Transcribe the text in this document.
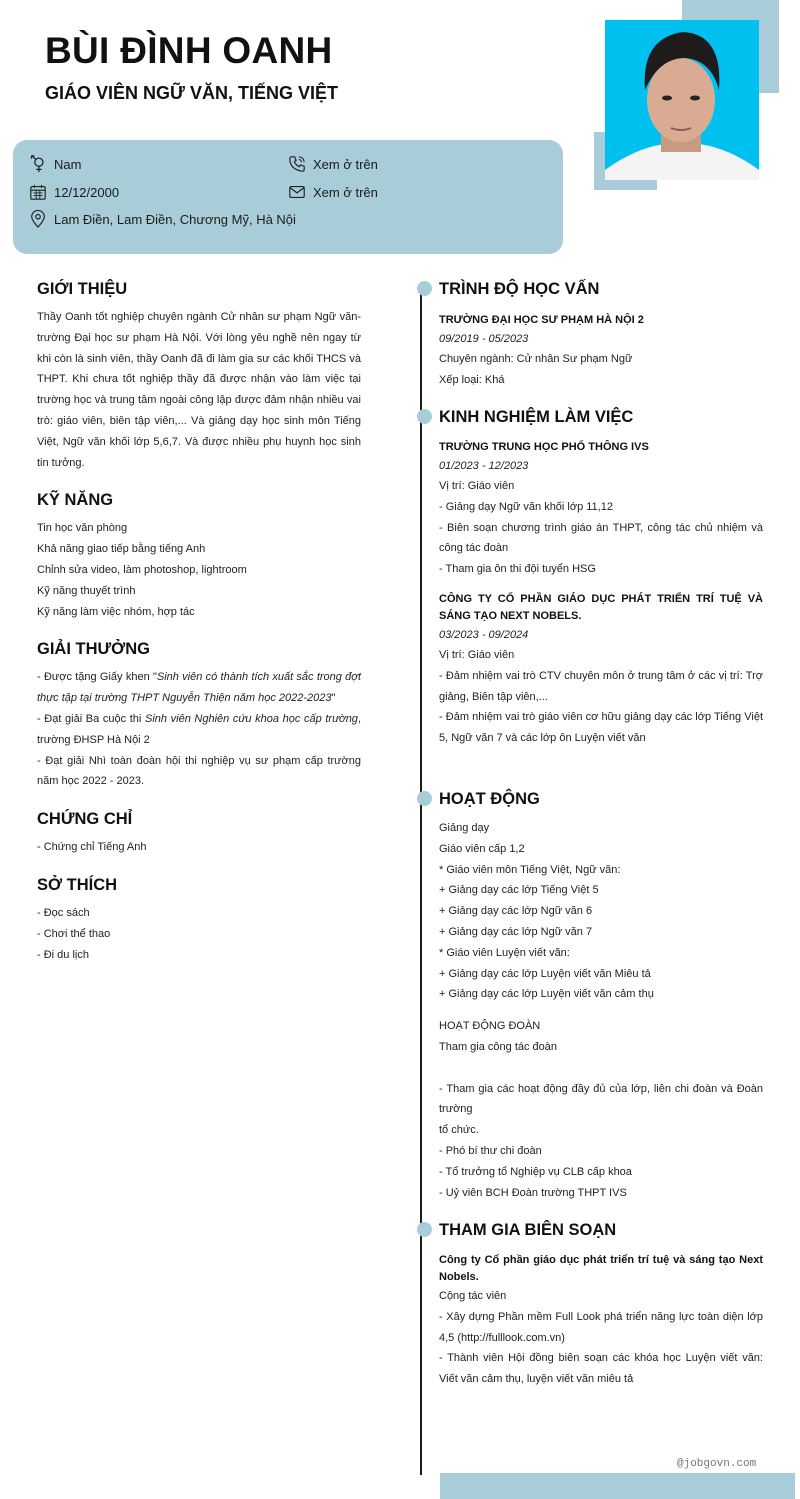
BÙI ĐÌNH OANH
GIÁO VIÊN NGỮ VĂN, TIẾNG VIỆT
Nam
12/12/2000
Lam Điền, Lam Điền, Chương Mỹ, Hà Nội
Xem ở trên
Xem ở trên
GIỚI THIỆU
Thầy Oanh tốt nghiệp chuyên ngành Cử nhân sư phạm Ngữ văn- trường Đại học sư phạm Hà Nội. Với lòng yêu nghề nên ngay từ khi còn là sinh viên, thầy Oanh đã đi làm gia sư các khối THCS và THPT. Khi chưa tốt nghiệp thầy đã được nhận vào làm việc tại trường học và trung tâm ngoài công lập được đảm nhận nhiều vai trò: giáo viên, biên tập viên,... Và giảng dạy học sinh môn Tiếng Việt, Ngữ văn khối lớp 5,6,7. Và được nhiều phụ huynh học sinh tin tưởng.
KỸ NĂNG
Tin học văn phòng
Khả năng giao tiếp bằng tiếng Anh
Chỉnh sửa video, làm photoshop, lightroom
Kỹ năng thuyết trình
Kỹ năng làm việc nhóm, hợp tác
GIẢI THƯỞNG
- Được tặng Giấy khen "Sinh viên có thành tích xuất sắc trong đợt thực tập tại trường THPT Nguyễn Thiện năm học 2022-2023"
- Đạt giải Ba cuộc thi Sinh viên Nghiên cứu khoa học cấp trường, trường ĐHSP Hà Nội 2
- Đạt giải Nhì toàn đoàn hội thi nghiệp vụ sư phạm cấp trường năm học 2022 - 2023.
CHỨNG CHỈ
- Chứng chỉ Tiếng Anh
SỞ THÍCH
- Đọc sách
- Chơi thể thao
- Đi du lịch
TRÌNH ĐỘ HỌC VẤN
TRƯỜNG ĐẠI HỌC SƯ PHẠM HÀ NỘI 2
09/2019 - 05/2023
Chuyên ngành: Cử nhân Sư phạm Ngữ
Xếp loại: Khá
KINH NGHIỆM LÀM VIỆC
TRƯỜNG TRUNG HỌC PHỔ THÔNG IVS
01/2023 - 12/2023
Vị trí: Giáo viên
- Giảng dạy Ngữ văn khối lớp 11,12
- Biên soạn chương trình giáo án THPT, công tác chủ nhiệm và công tác đoàn
- Tham gia ôn thi đội tuyển HSG
CÔNG TY CỔ PHẦN GIÁO DỤC PHÁT TRIỂN TRÍ TUỆ VÀ SÁNG TẠO NEXT NOBELS.
03/2023 - 09/2024
Vị trí: Giáo viên
- Đảm nhiệm vai trò CTV chuyên môn ở trung tâm ở các vị trí: Trợ giảng, Biên tập viên,...
- Đảm nhiệm vai trò giáo viên cơ hữu giảng dạy các lớp Tiếng Việt 5, Ngữ văn 7 và các lớp ôn Luyện viết văn
HOẠT ĐỘNG
Giảng dạy
Giáo viên cấp 1,2
* Giáo viên môn Tiếng Việt, Ngữ văn:
+ Giảng dạy các lớp Tiếng Việt 5
+ Giảng dạy các lớp Ngữ văn 6
+ Giảng dạy các lớp Ngữ văn 7
* Giáo viên Luyện viết văn:
+ Giảng dạy các lớp Luyện viết văn Miêu tả
+ Giảng dạy các lớp Luyện viết văn cảm thụ
HOẠT ĐỘNG ĐOÀN
Tham gia công tác đoàn
- Tham gia các hoạt động đầy đủ của lớp, liên chi đoàn và Đoàn trường
tổ chức.
- Phó bí thư chi đoàn
- Tổ trưởng tổ Nghiệp vụ CLB cấp khoa
- Uỷ viên BCH Đoàn trường THPT IVS
THAM GIA BIÊN SOẠN
Công ty Cổ phần giáo dục phát triển trí tuệ và sáng tạo Next Nobels.
Cộng tác viên
- Xây dựng Phần mềm Full Look phá triển năng lực toàn diện lớp 4,5 (http://fulllook.com.vn)
- Thành viên Hội đồng biên soạn các khóa học Luyện viết văn: Viết văn cảm thụ, luyện viết văn miêu tả
@jobgovn.com
